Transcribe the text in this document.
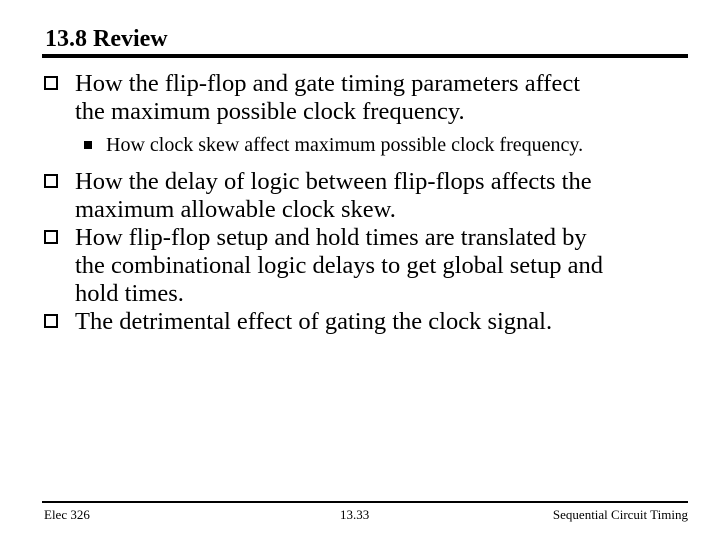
13.8 Review
How the flip-flop and gate timing parameters affect
the maximum possible clock frequency.
How clock skew affect maximum possible clock frequency.
How the delay of logic between flip-flops affects the
maximum allowable clock skew.
How flip-flop setup and hold times are translated by
the combinational logic delays to get global setup and
hold times.
The detrimental effect of gating the clock signal.
Elec 326	13.33	Sequential Circuit Timing
